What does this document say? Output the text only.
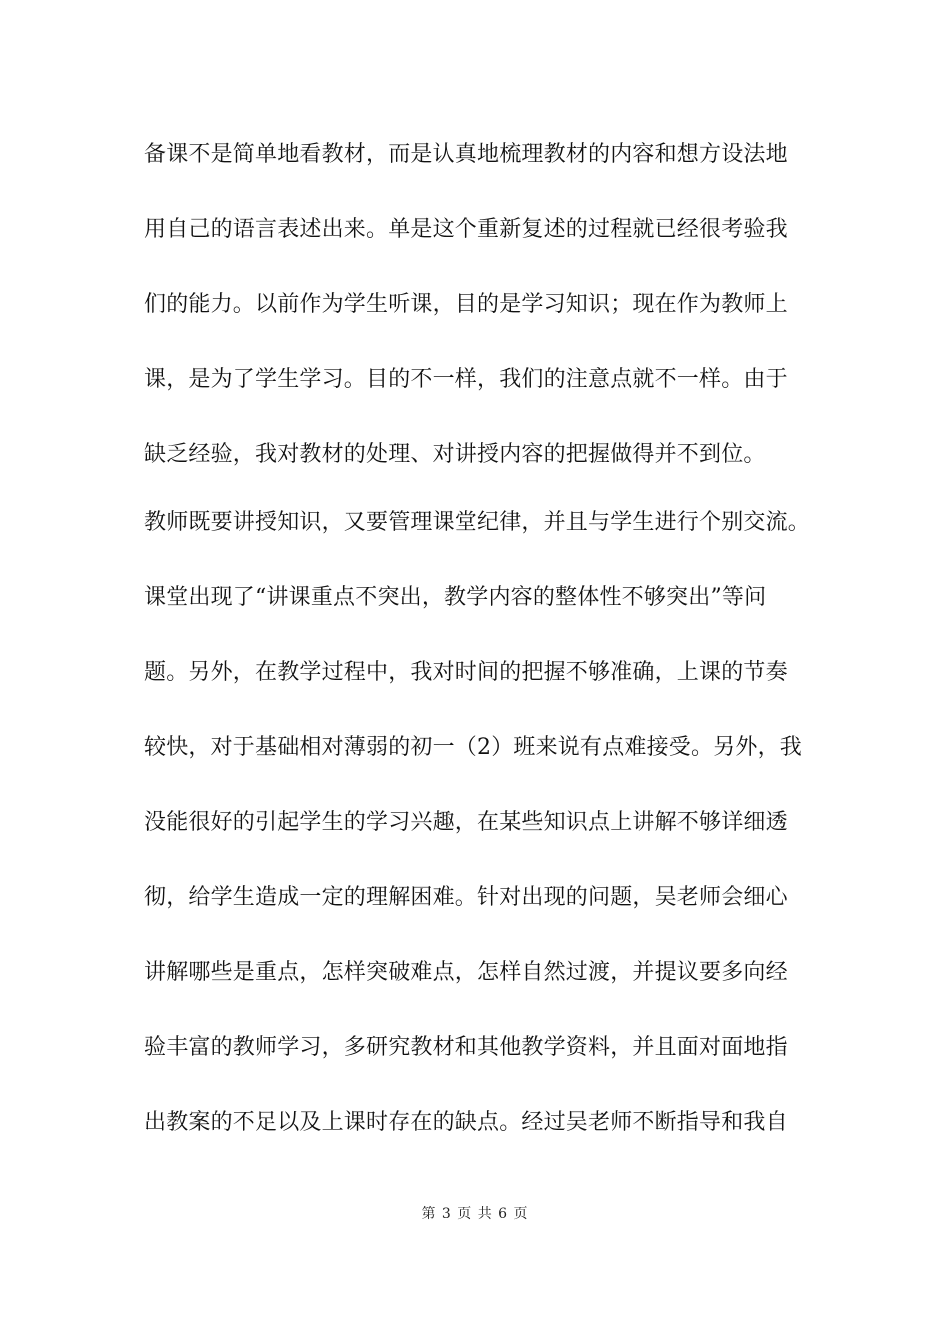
备课不是简单地看教材，而是认真地梳理教材的内容和想方设法地
用自己的语言表述出来。单是这个重新复述的过程就已经很考验我
们的能力。以前作为学生听课，目的是学习知识；现在作为教师上
课，是为了学生学习。目的不一样，我们的注意点就不一样。由于
缺乏经验，我对教材的处理、对讲授内容的把握做得并不到位。
教师既要讲授知识，又要管理课堂纪律，并且与学生进行个别交流。
课堂出现了“讲课重点不突出，教学内容的整体性不够突出”等问
题。另外，在教学过程中，我对时间的把握不够准确，上课的节奏
较快，对于基础相对薄弱的初一（2）班来说有点难接受。另外，我
没能很好的引起学生的学习兴趣，在某些知识点上讲解不够详细透
彻，给学生造成一定的理解困难。针对出现的问题，吴老师会细心
讲解哪些是重点，怎样突破难点，怎样自然过渡，并提议要多向经
验丰富的教师学习，多研究教材和其他教学资料，并且面对面地指
出教案的不足以及上课时存在的缺点。经过吴老师不断指导和我自
第 3 页 共 6 页
